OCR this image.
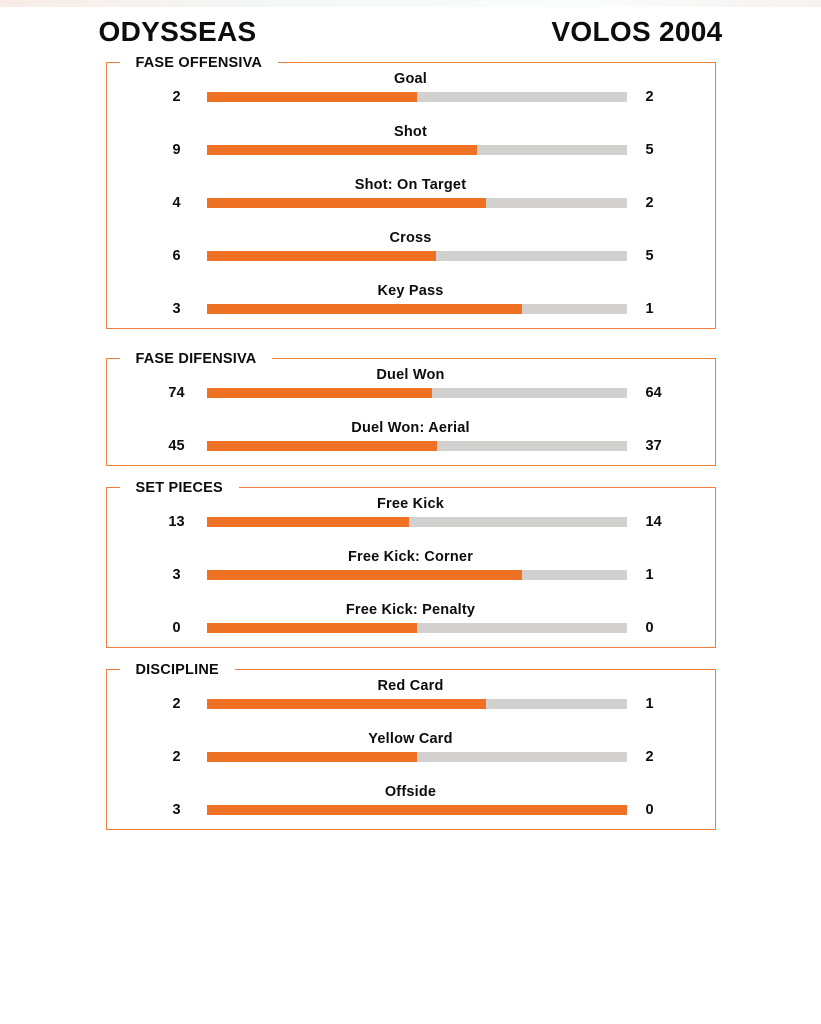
ODYSSEAS	VOLOS 2004
FASE OFFENSIVA
Goal
2	2
Shot
9	5
Shot: On Target
4	2
Cross
6	5
Key Pass
3	1
FASE DIFENSIVA
Duel Won
74	64
Duel Won: Aerial
45	37
SET PIECES
Free Kick
13	14
Free Kick: Corner
3	1
Free Kick: Penalty
0	0
DISCIPLINE
Red Card
2	1
Yellow Card
2	2
Offside
3	0
